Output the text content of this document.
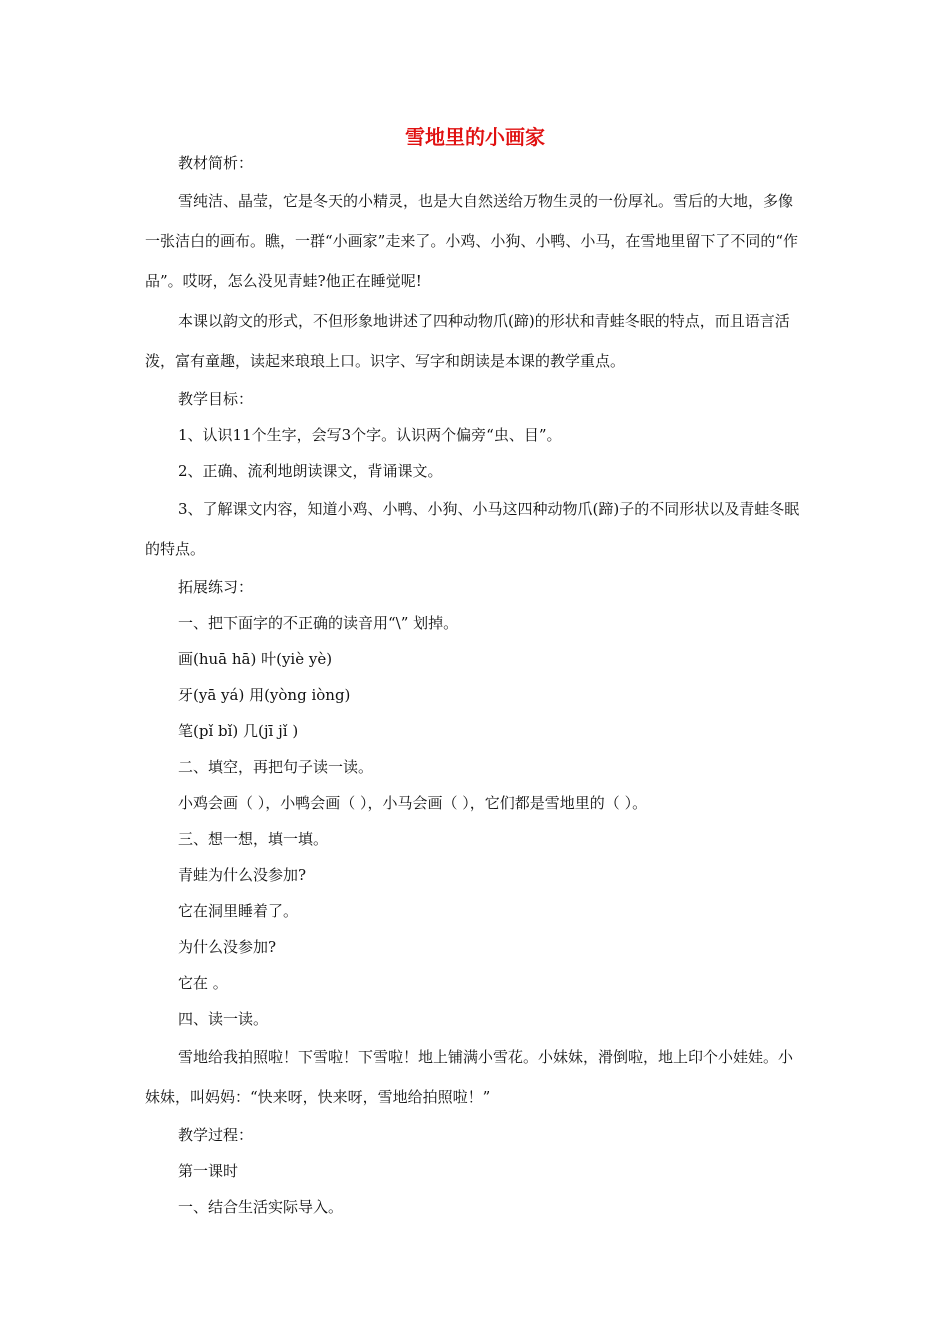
雪地里的小画家

教材简析：

雪纯洁、晶莹，它是冬天的小精灵，也是大自然送给万物生灵的一份厚礼。雪后的大地，多像一张洁白的画布。瞧，一群“小画家”走来了。小鸡、小狗、小鸭、小马，在雪地里留下了不同的“作品”。哎呀，怎么没见青蛙?他正在睡觉呢!

本课以韵文的形式，不但形象地讲述了四种动物爪(蹄)的形状和青蛙冬眠的特点，而且语言活泼，富有童趣，读起来琅琅上口。识字、写字和朗读是本课的教学重点。

教学目标：

1、认识11个生字，会写3个字。认识两个偏旁“虫、目”。

2、正确、流利地朗读课文，背诵课文。

3、了解课文内容，知道小鸡、小鸭、小狗、小马这四种动物爪(蹄)子的不同形状以及青蛙冬眠的特点。

拓展练习：

一、把下面字的不正确的读音用“\” 划掉。

画(huā hā) 叶(yiè yè)

牙(yā yá) 用(yòng iòng)

笔(pǐ bǐ) 几(jī jǐ )

二、填空，再把句子读一读。

小鸡会画（ ），小鸭会画（ ），小马会画（ ），它们都是雪地里的（ ）。

三、想一想，填一填。

青蛙为什么没参加?

它在洞里睡着了。

为什么没参加?

它在 。

四、读一读。

雪地给我拍照啦！下雪啦！下雪啦！地上铺满小雪花。小妹妹，滑倒啦，地上印个小娃娃。小妹妹，叫妈妈：“快来呀，快来呀，雪地给拍照啦！”

教学过程：

第一课时

一、结合生活实际导入。
